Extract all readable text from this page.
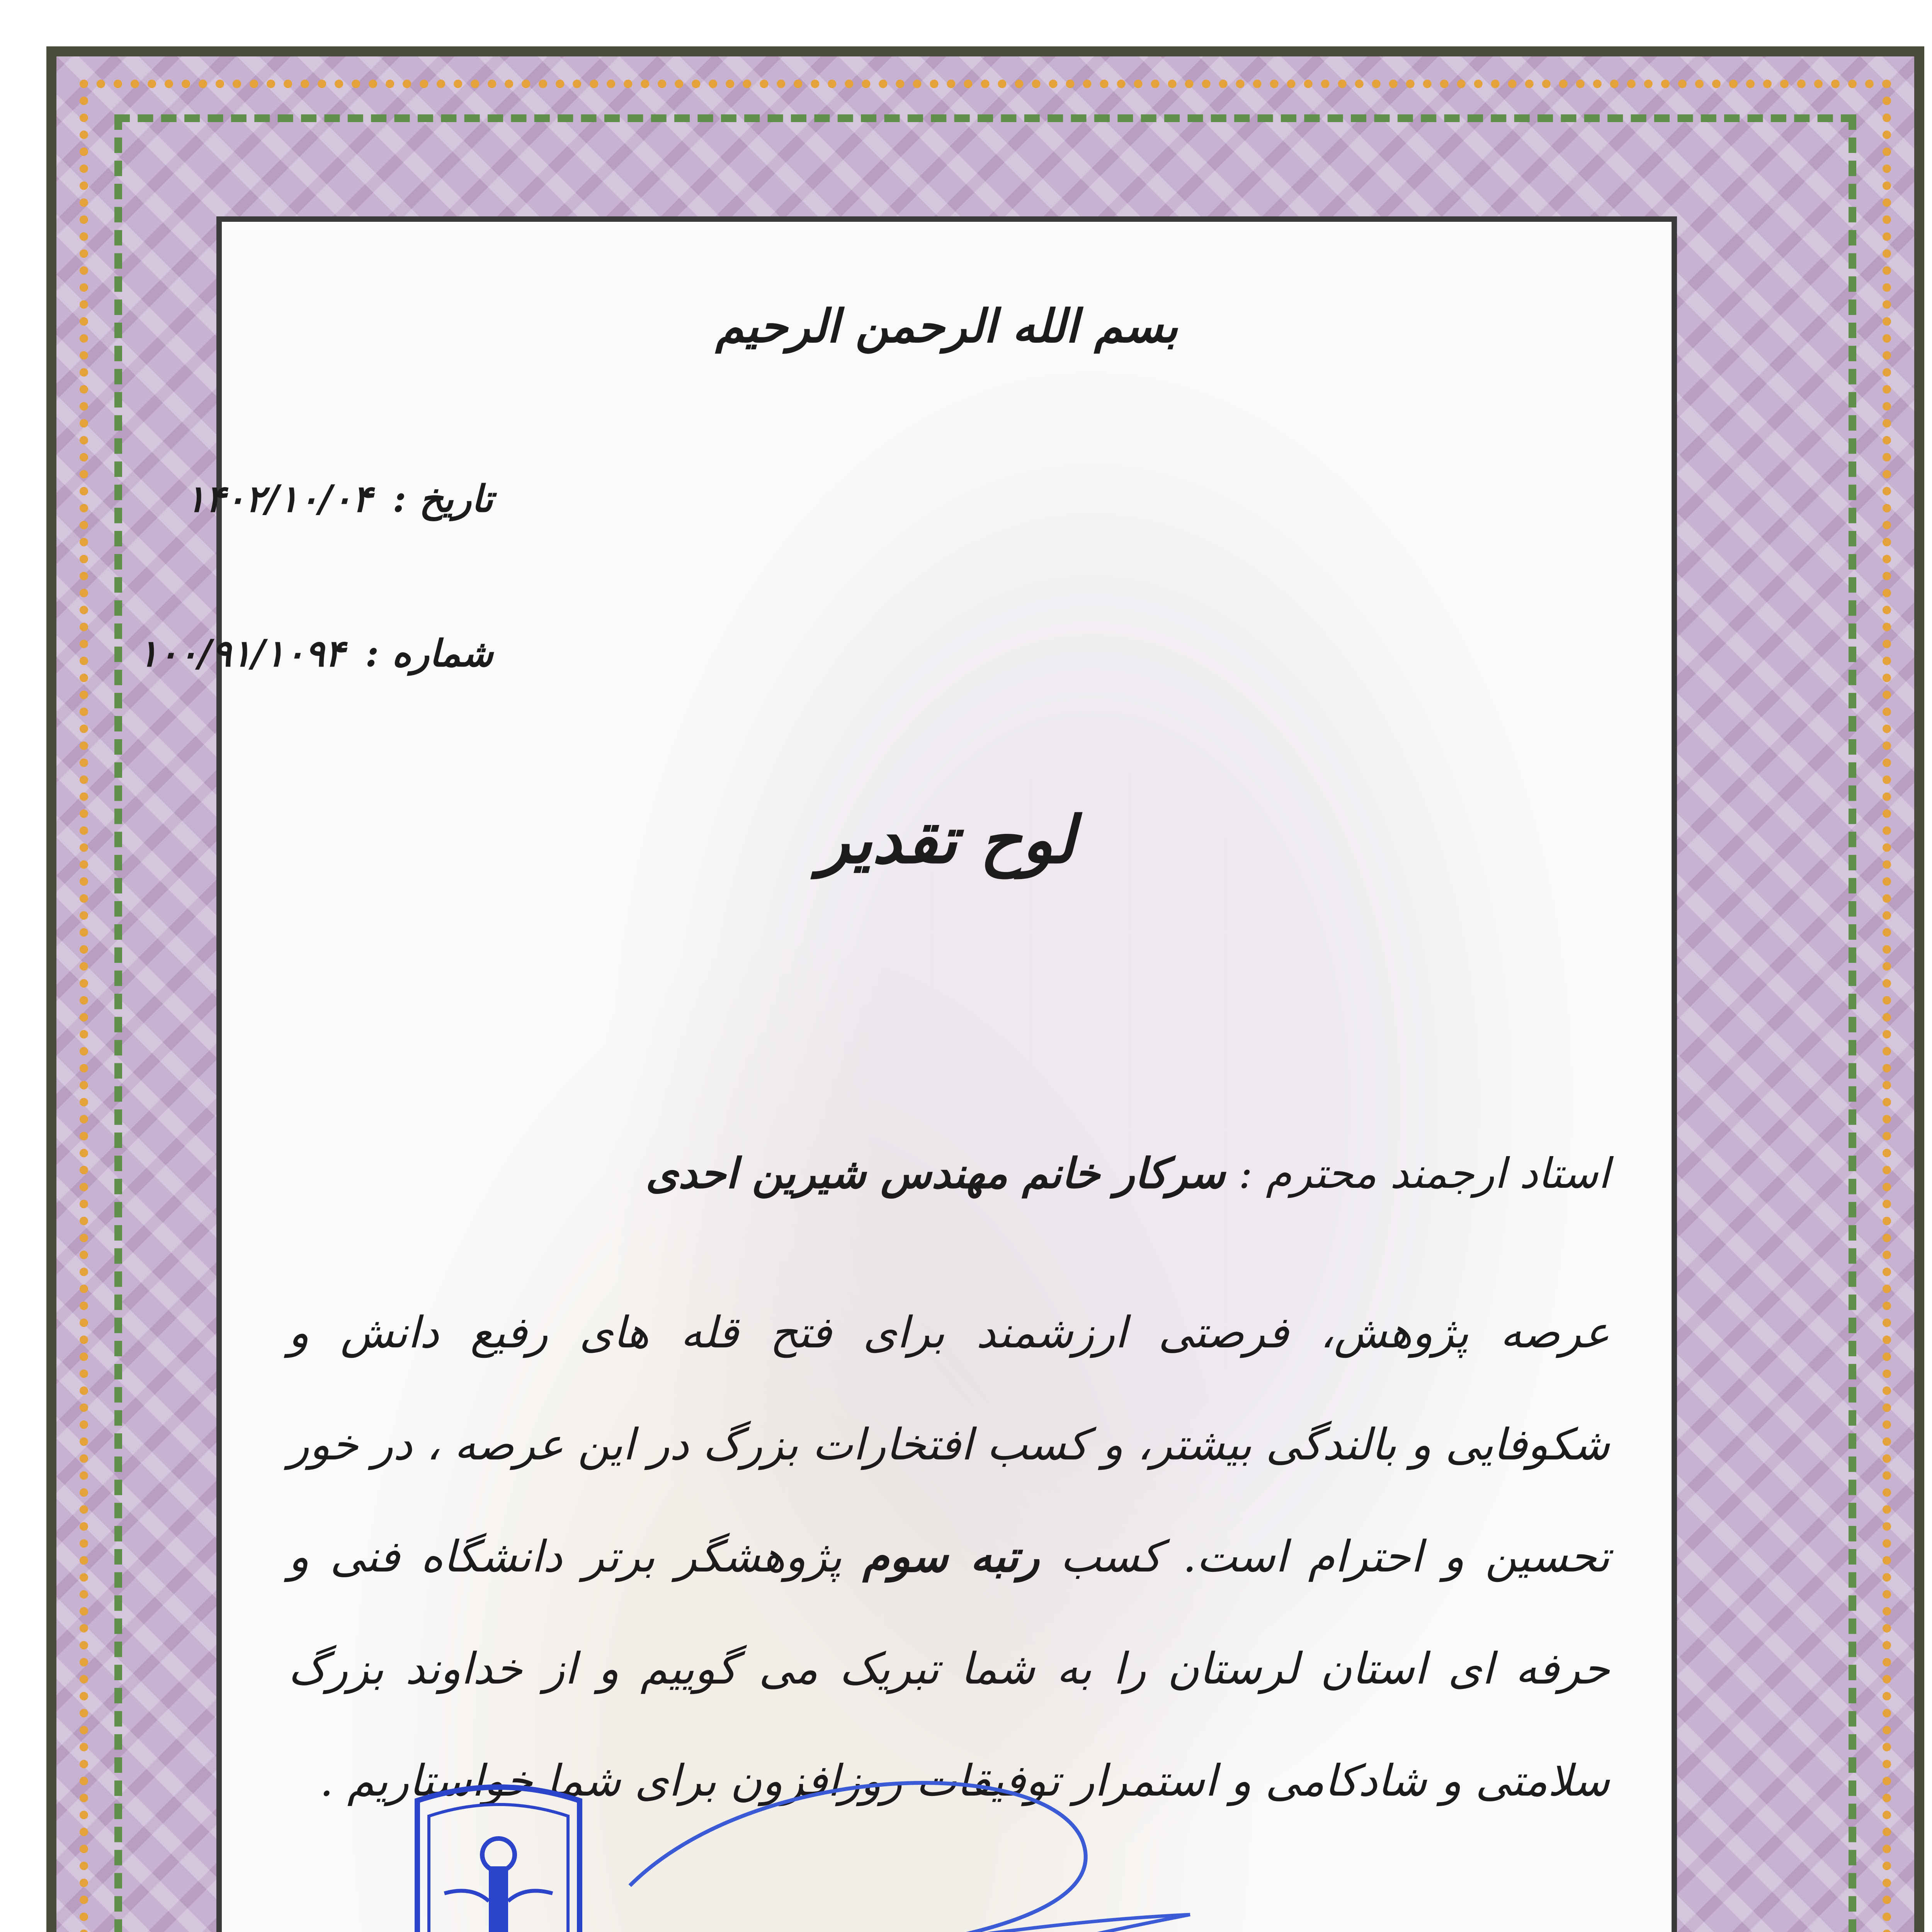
بسم الله الرحمن الرحیم
تاریخ : ۱۴۰۲/۱۰/۰۴
شماره : ۱۰۰/۹۱/۱۰۹۴
لوح تقدیر
استاد ارجمند محترم : سرکار خانم مهندس شیرین احدی
عرصه پژوهش، فرصتی ارزشمند برای فتح قله های رفیع دانش و شکوفایی و بالندگی بیشتر، و کسب افتخارات بزرگ در این عرصه ، در خور تحسین و احترام است. کسب رتبه سوم پژوهشگر برتر دانشگاه فنی و حرفه ای استان لرستان را به شما تبریک می گوییم و از خداوند بزرگ سلامتی و شادکامی و استمرار توفیقات روزافزون برای شما خواستاریم .
